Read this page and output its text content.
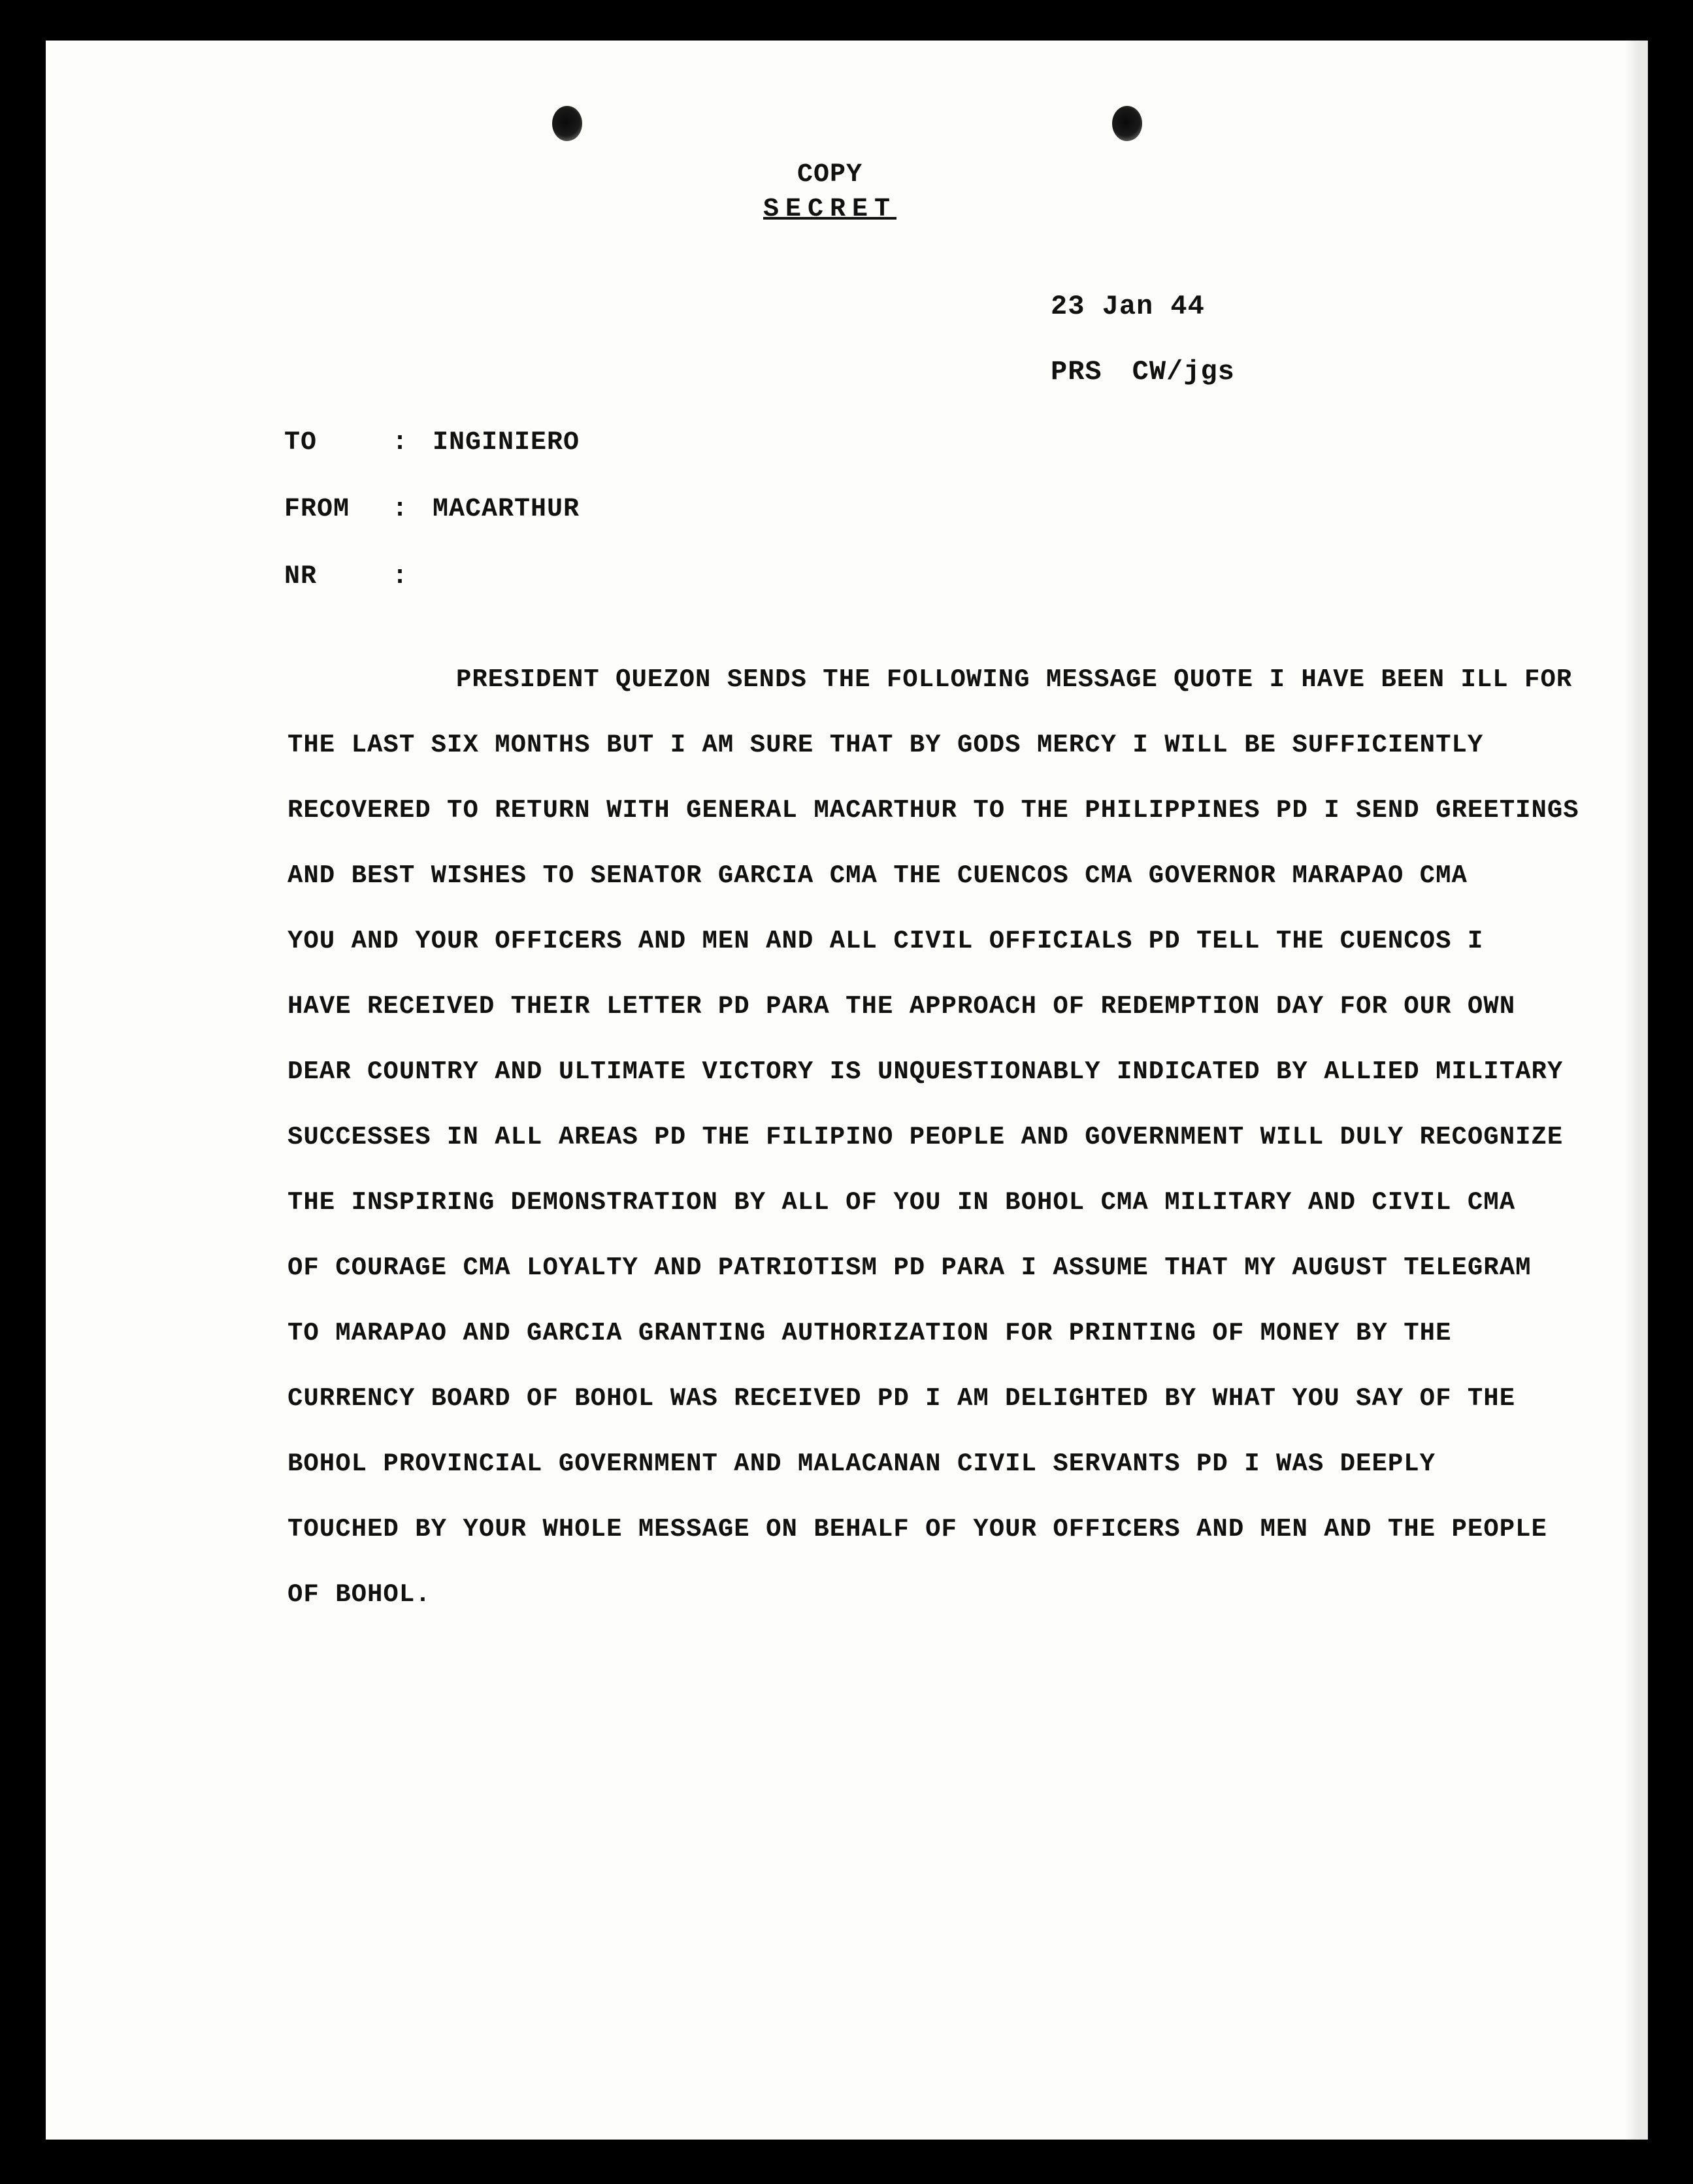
COPY
SECRET
23 Jan 44
PRS CW/jgs
TO	: INGINIERO
FROM : MACARTHUR
NR	:
PRESIDENT QUEZON SENDS THE FOLLOWING MESSAGE QUOTE I HAVE BEEN ILL FOR
THE LAST SIX MONTHS BUT I AM SURE THAT BY GODS MERCY I WILL BE SUFFICIENTLY
RECOVERED TO RETURN WITH GENERAL MACARTHUR TO THE PHILIPPINES PD I SEND GREETINGS
AND BEST WISHES TO SENATOR GARCIA CMA THE CUENCOS CMA GOVERNOR MARAPAO CMA
YOU AND YOUR OFFICERS AND MEN AND ALL CIVIL OFFICIALS PD TELL THE CUENCOS I
HAVE RECEIVED THEIR LETTER PD PARA THE APPROACH OF REDEMPTION DAY FOR OUR OWN
DEAR COUNTRY AND ULTIMATE VICTORY IS UNQUESTIONABLY INDICATED BY ALLIED MILITARY
SUCCESSES IN ALL AREAS PD THE FILIPINO PEOPLE AND GOVERNMENT WILL DULY RECOGNIZE
THE INSPIRING DEMONSTRATION BY ALL OF YOU IN BOHOL CMA MILITARY AND CIVIL CMA
OF COURAGE CMA LOYALTY AND PATRIOTISM PD PARA I ASSUME THAT MY AUGUST TELEGRAM
TO MARAPAO AND GARCIA GRANTING AUTHORIZATION FOR PRINTING OF MONEY BY THE
CURRENCY BOARD OF BOHOL WAS RECEIVED PD I AM DELIGHTED BY WHAT YOU SAY OF THE
BOHOL PROVINCIAL GOVERNMENT AND MALACANAN CIVIL SERVANTS PD I WAS DEEPLY
TOUCHED BY YOUR WHOLE MESSAGE ON BEHALF OF YOUR OFFICERS AND MEN AND THE PEOPLE
OF BOHOL.
